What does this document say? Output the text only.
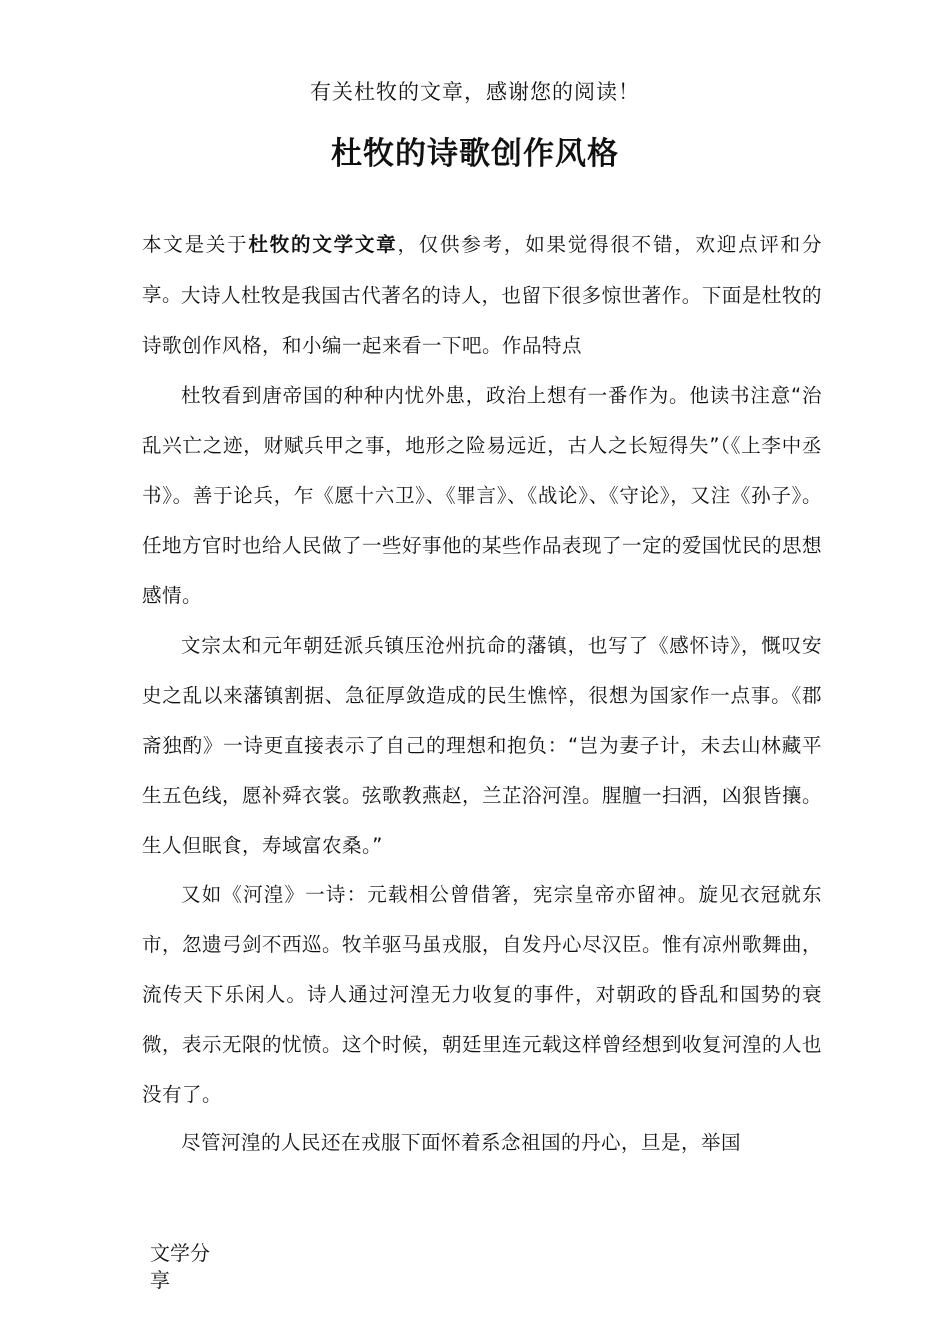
有关杜牧的文章，感谢您的阅读！
杜牧的诗歌创作风格

本文是关于杜牧的文学文章，仅供参考，如果觉得很不错，欢迎点评和分享。

大诗人杜牧是我国古代著名的诗人，也留下很多惊世著作。下面是杜牧的诗歌创作风格，和小编一起来看一下吧。作品特点

杜牧看到唐帝国的种种内忧外患，政治上想有一番作为。他读书注意“治乱兴亡之迹，财赋兵甲之事，地形之险易远近，古人之长短得失”（《上李中丞书》。善于论兵，乍《愿十六卫》、《罪言》、《战论》、《守论》，又注《孙子》。任地方官时也给人民做了一些好事他的某些作品表现了一定的爱国忧民的思想感情。

文宗太和元年朝廷派兵镇压沧州抗命的藩镇，也写了《感怀诗》，慨叹安史之乱以来藩镇割据、急征厚敛造成的民生憔悴，很想为国家作一点事。《郡斋独酌》一诗更直接表示了自己的理想和抱负：“岂为妻子计，未去山林藏平生五色线，愿补舜衣裳。弦歌教燕赵，兰芷浴河湟。腥膻一扫洒，凶狠皆攘。生人但眠食，寿域富农桑。”

又如《河湟》一诗：元载相公曾借箸，宪宗皇帝亦留神。旋见衣冠就东市，忽遗弓剑不西巡。牧羊驱马虽戎服，自发丹心尽汉臣。惟有凉州歌舞曲，流传天下乐闲人。诗人通过河湟无力收复的事件，对朝政的昏乱和国势的衰微，表示无限的忧愤。这个时候，朝廷里连元载这样曾经想到收复河湟的人也没有了。

尽管河湟的人民还在戎服下面怀着系念祖国的丹心，旦是，举国

文学分享
